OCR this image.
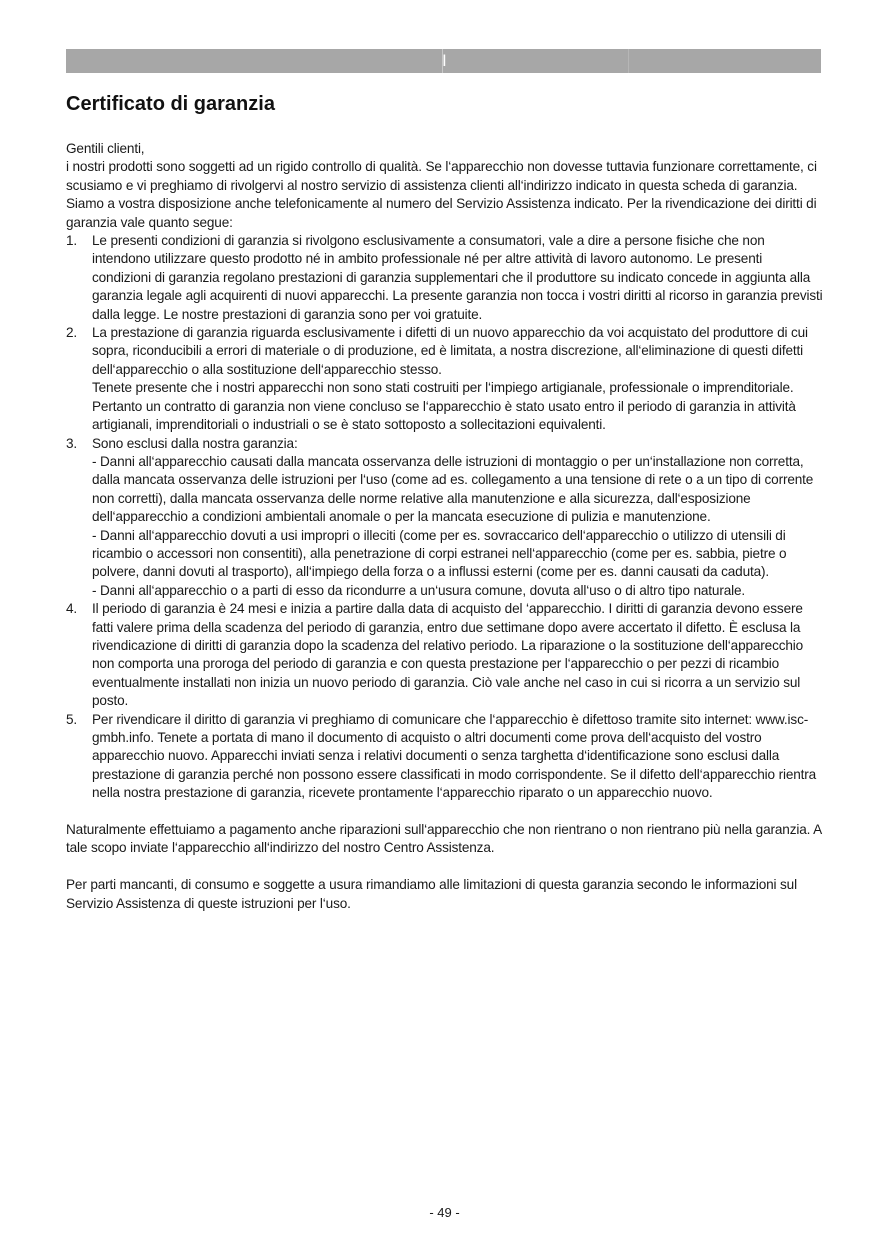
I
Certificato di garanzia

Gentili clienti,

i nostri prodotti sono soggetti ad un rigido controllo di qualità. Se l‘apparecchio non dovesse tuttavia funzionare correttamente, ci scusiamo e vi preghiamo di rivolgervi al nostro servizio di assistenza clienti all‘indirizzo indicato in questa scheda di garanzia. Siamo a vostra disposizione anche telefonicamente al numero del Servizio Assistenza indicato. Per la rivendicazione dei diritti di garanzia vale quanto segue:

1. Le presenti condizioni di garanzia si rivolgono esclusivamente a consumatori, vale a dire a persone fisiche che non intendono utilizzare questo prodotto né in ambito professionale né per altre attività di lavoro autonomo. Le presenti condizioni di garanzia regolano prestazioni di garanzia supplementari che il produttore su indicato concede in aggiunta alla garanzia legale agli acquirenti di nuovi apparecchi. La presente garanzia non tocca i vostri diritti al ricorso in garanzia previsti dalla legge. Le nostre prestazioni di garanzia sono per voi gratuite.

2. La prestazione di garanzia riguarda esclusivamente i difetti di un nuovo apparecchio da voi acquistato del produttore di cui sopra, riconducibili a errori di materiale o di produzione, ed è limitata, a nostra discrezione, all‘eliminazione di questi difetti dell‘apparecchio o alla sostituzione dell‘apparecchio stesso.

Tenete presente che i nostri apparecchi non sono stati costruiti per l‘impiego artigianale, professionale o imprenditoriale. Pertanto un contratto di garanzia non viene concluso se l‘apparecchio è stato usato entro il periodo di garanzia in attività artigianali, imprenditoriali o industriali o se è stato sottoposto a sollecitazioni equivalenti.

3. Sono esclusi dalla nostra garanzia:

- Danni all‘apparecchio causati dalla mancata osservanza delle istruzioni di montaggio o per un‘installazione non corretta, dalla mancata osservanza delle istruzioni per l‘uso (come ad es. collegamento a una tensione di rete o a un tipo di corrente non corretti), dalla mancata osservanza delle norme relative alla manutenzione e alla sicurezza, dall‘esposizione dell‘apparecchio a condizioni ambientali anomale o per la mancata esecuzione di pulizia e manutenzione.

- Danni all‘apparecchio dovuti a usi impropri o illeciti (come per es. sovraccarico dell‘apparecchio o utilizzo di utensili di ricambio o accessori non consentiti), alla penetrazione di corpi estranei nell‘apparecchio (come per es. sabbia, pietre o polvere, danni dovuti al trasporto), all‘impiego della forza o a influssi esterni (come per es. danni causati da caduta).

- Danni all‘apparecchio o a parti di esso da ricondurre a un‘usura comune, dovuta all‘uso o di altro tipo naturale.

4. Il periodo di garanzia è 24 mesi e inizia a partire dalla data di acquisto del ‘apparecchio. I diritti di garanzia devono essere fatti valere prima della scadenza del periodo di garanzia, entro due settimane dopo avere accertato il difetto. È esclusa la rivendicazione di diritti di garanzia dopo la scadenza del relativo periodo. La riparazione o la sostituzione dell‘apparecchio non comporta una proroga del periodo di garanzia e con questa prestazione per l‘apparecchio o per pezzi di ricambio eventualmente installati non inizia un nuovo periodo di garanzia. Ciò vale anche nel caso in cui si ricorra a un servizio sul posto.

5. Per rivendicare il diritto di garanzia vi preghiamo di comunicare che l‘apparecchio è difettoso tramite sito internet: www.isc-gmbh.info. Tenete a portata di mano il documento di acquisto o altri documenti come prova dell‘acquisto del vostro apparecchio nuovo. Apparecchi inviati senza i relativi documenti o senza targhetta d‘identificazione sono esclusi dalla prestazione di garanzia perché non possono essere classificati in modo corrispondente. Se il difetto dell‘apparecchio rientra nella nostra prestazione di garanzia, ricevete prontamente l‘apparecchio riparato o un apparecchio nuovo.

Naturalmente effettuiamo a pagamento anche riparazioni sull‘apparecchio che non rientrano o non rientrano più nella garanzia. A tale scopo inviate l‘apparecchio all‘indirizzo del nostro Centro Assistenza.

Per parti mancanti, di consumo e soggette a usura rimandiamo alle limitazioni di questa garanzia secondo le informazioni sul Servizio Assistenza di queste istruzioni per l‘uso.

- 49 -
